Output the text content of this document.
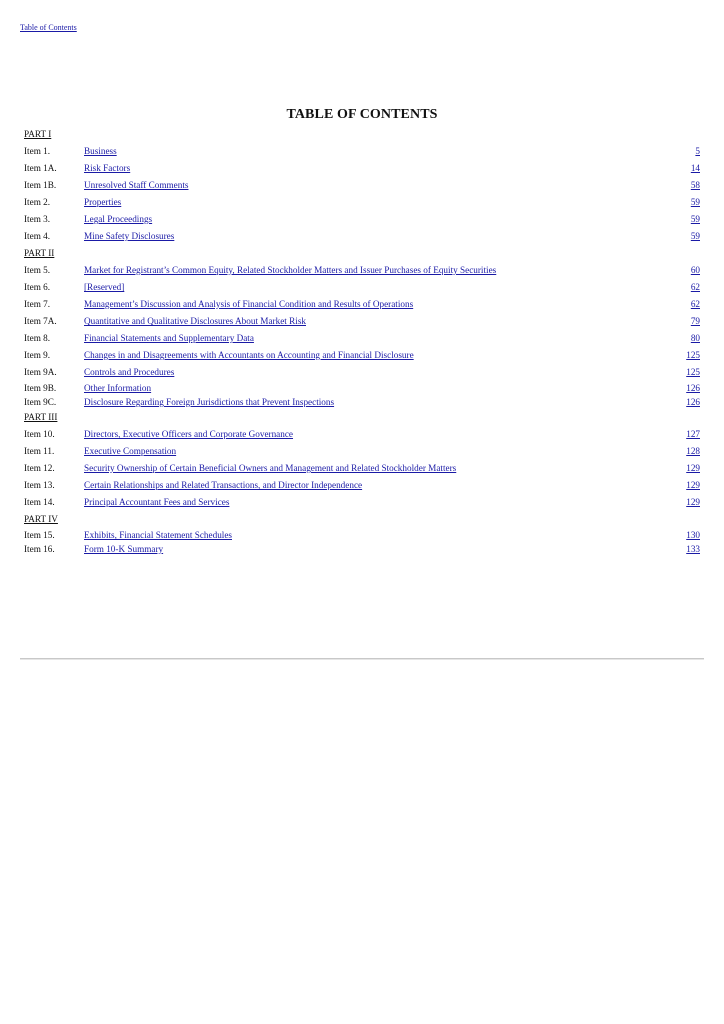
Table of Contents
TABLE OF CONTENTS
PART I
Item 1.	Business	5
Item 1A.	Risk Factors	14
Item 1B.	Unresolved Staff Comments	58
Item 2.	Properties	59
Item 3.	Legal Proceedings	59
Item 4.	Mine Safety Disclosures	59
PART II
Item 5.	Market for Registrant’s Common Equity, Related Stockholder Matters and Issuer Purchases of Equity Securities	60
Item 6.	[Reserved]	62
Item 7.	Management’s Discussion and Analysis of Financial Condition and Results of Operations	62
Item 7A.	Quantitative and Qualitative Disclosures About Market Risk	79
Item 8.	Financial Statements and Supplementary Data	80
Item 9.	Changes in and Disagreements with Accountants on Accounting and Financial Disclosure	125
Item 9A.	Controls and Procedures	125
Item 9B.	Other Information	126
Item 9C.	Disclosure Regarding Foreign Jurisdictions that Prevent Inspections	126
PART III
Item 10.	Directors, Executive Officers and Corporate Governance	127
Item 11.	Executive Compensation	128
Item 12.	Security Ownership of Certain Beneficial Owners and Management and Related Stockholder Matters	129
Item 13.	Certain Relationships and Related Transactions, and Director Independence	129
Item 14.	Principal Accountant Fees and Services	129
PART IV
Item 15.	Exhibits, Financial Statement Schedules	130
Item 16.	Form 10-K Summary	133
